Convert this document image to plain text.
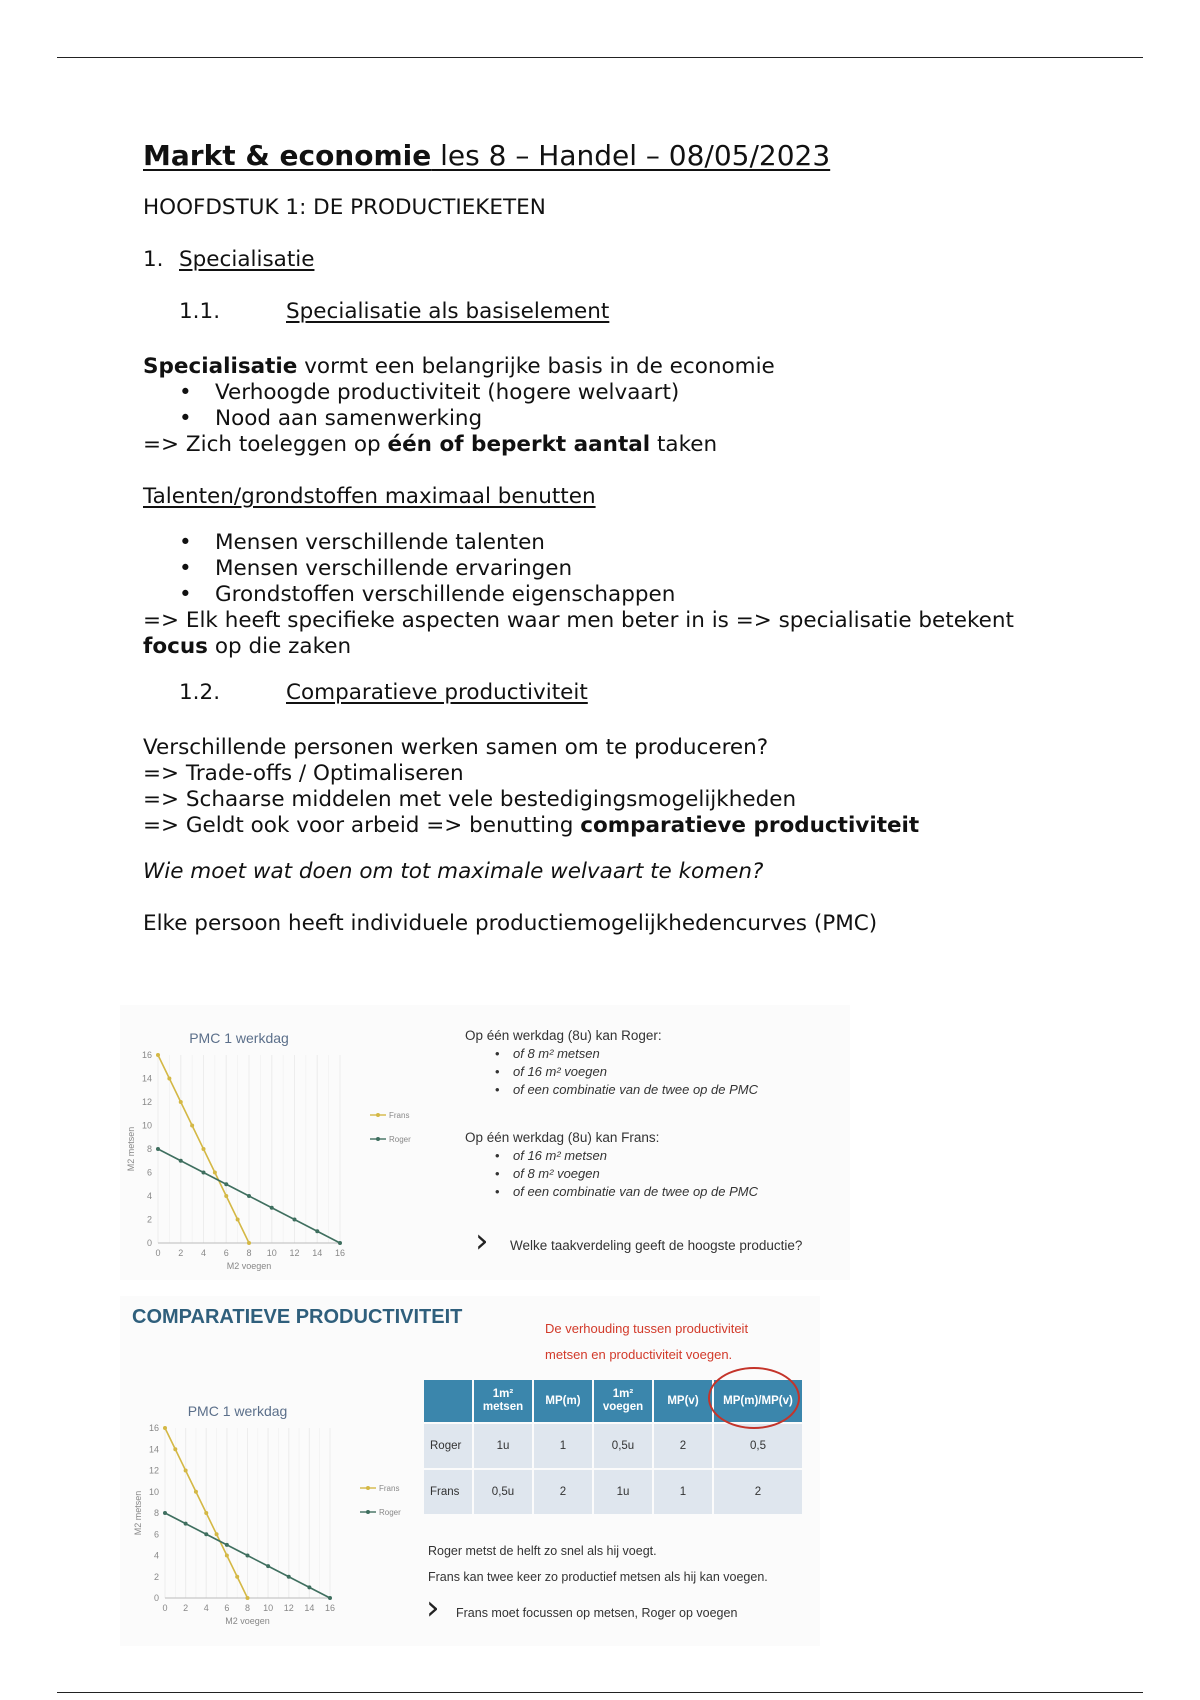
Markt & economie les 8 – Handel – 08/05/2023
HOOFDSTUK 1: DE PRODUCTIEKETEN
1. Specialisatie
1.1.	Specialisatie als basiselement
Specialisatie vormt een belangrijke basis in de economie
• Verhoogde productiviteit (hogere welvaart)
• Nood aan samenwerking
=> Zich toeleggen op één of beperkt aantal taken
Talenten/grondstoffen maximaal benutten
• Mensen verschillende talenten
• Mensen verschillende ervaringen
• Grondstoffen verschillende eigenschappen
=> Elk heeft specifieke aspecten waar men beter in is => specialisatie betekent
focus op die zaken
1.2.	Comparatieve productiviteit
Verschillende personen werken samen om te produceren?
=> Trade-offs / Optimaliseren
=> Schaarse middelen met vele bestedigingsmogelijkheden
=> Geldt ook voor arbeid => benutting comparatieve productiviteit
Wie moet wat doen om tot maximale welvaart te komen?
Elke persoon heeft individuele productiemogelijkhedencurves (PMC)
PMC 1 werkdag
0 2 4 6 8 10 12 14 16
0
2
4
6
8
10
12
14
16
M2 voegen
M2 metsen
Frans
Roger
Op één werkdag (8u) kan Roger:
• of 8 m² metsen
• of 16 m² voegen
• of een combinatie van de twee op de PMC
Op één werkdag (8u) kan Frans:
• of 16 m² metsen
• of 8 m² voegen
• of een combinatie van de twee op de PMC
› Welke taakverdeling geeft de hoogste productie?
COMPARATIEVE PRODUCTIVITEIT
De verhouding tussen productiviteit
metsen en productiviteit voegen.
PMC 1 werkdag
0 2 4 6 8 10 12 14 16
0
2
4
6
8
10
12
14
16
M2 voegen
M2 metsen
Frans
Roger
	1m² metsen	MP(m)	1m² voegen	MP(v)	MP(m)/MP(v)
Roger	1u	1	0,5u	2	0,5
Frans	0,5u	2	1u	1	2
Roger metst de helft zo snel als hij voegt.
Frans kan twee keer zo productief metsen als hij kan voegen.
› Frans moet focussen op metsen, Roger op voegen
